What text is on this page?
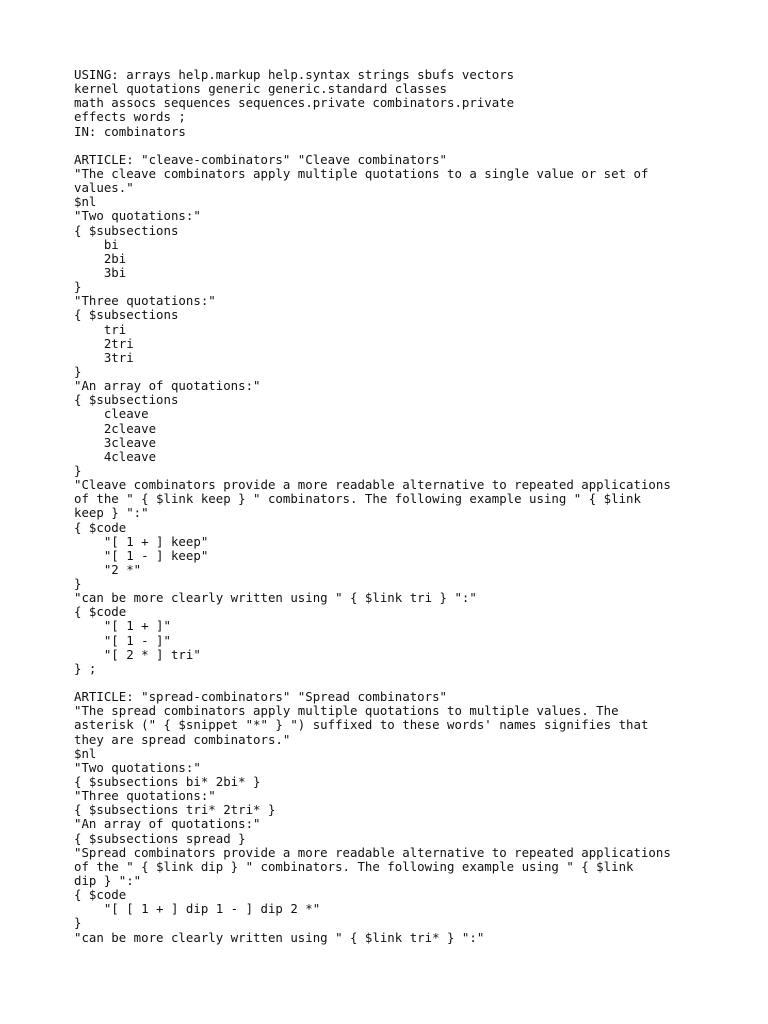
USING: arrays help.markup help.syntax strings sbufs vectors
kernel quotations generic generic.standard classes
math assocs sequences sequences.private combinators.private
effects words ;
IN: combinators
ARTICLE: "cleave-combinators" "Cleave combinators"
"The cleave combinators apply multiple quotations to a single value or set of
values."
$nl
"Two quotations:"
{ $subsections
bi
2bi
3bi
}
"Three quotations:"
{ $subsections
tri
2tri
3tri
}
"An array of quotations:"
{ $subsections
cleave
2cleave
3cleave
4cleave
}
"Cleave combinators provide a more readable alternative to repeated applications
of the " { $link keep } " combinators. The following example using " { $link
keep } ":"
{ $code
"[ 1 + ] keep"
"[ 1 - ] keep"
"2 *"
}
"can be more clearly written using " { $link tri } ":"
{ $code
"[ 1 + ]"
"[ 1 - ]"
"[ 2 * ] tri"
} ;
ARTICLE: "spread-combinators" "Spread combinators"
"The spread combinators apply multiple quotations to multiple values. The
asterisk (" { $snippet "*" } ") suffixed to these words' names signifies that
they are spread combinators."
$nl
"Two quotations:"
{ $subsections bi* 2bi* }
"Three quotations:"
{ $subsections tri* 2tri* }
"An array of quotations:"
{ $subsections spread }
"Spread combinators provide a more readable alternative to repeated applications
of the " { $link dip } " combinators. The following example using " { $link
dip } ":"
{ $code
"[ [ 1 + ] dip 1 - ] dip 2 *"
}
"can be more clearly written using " { $link tri* } ":"
